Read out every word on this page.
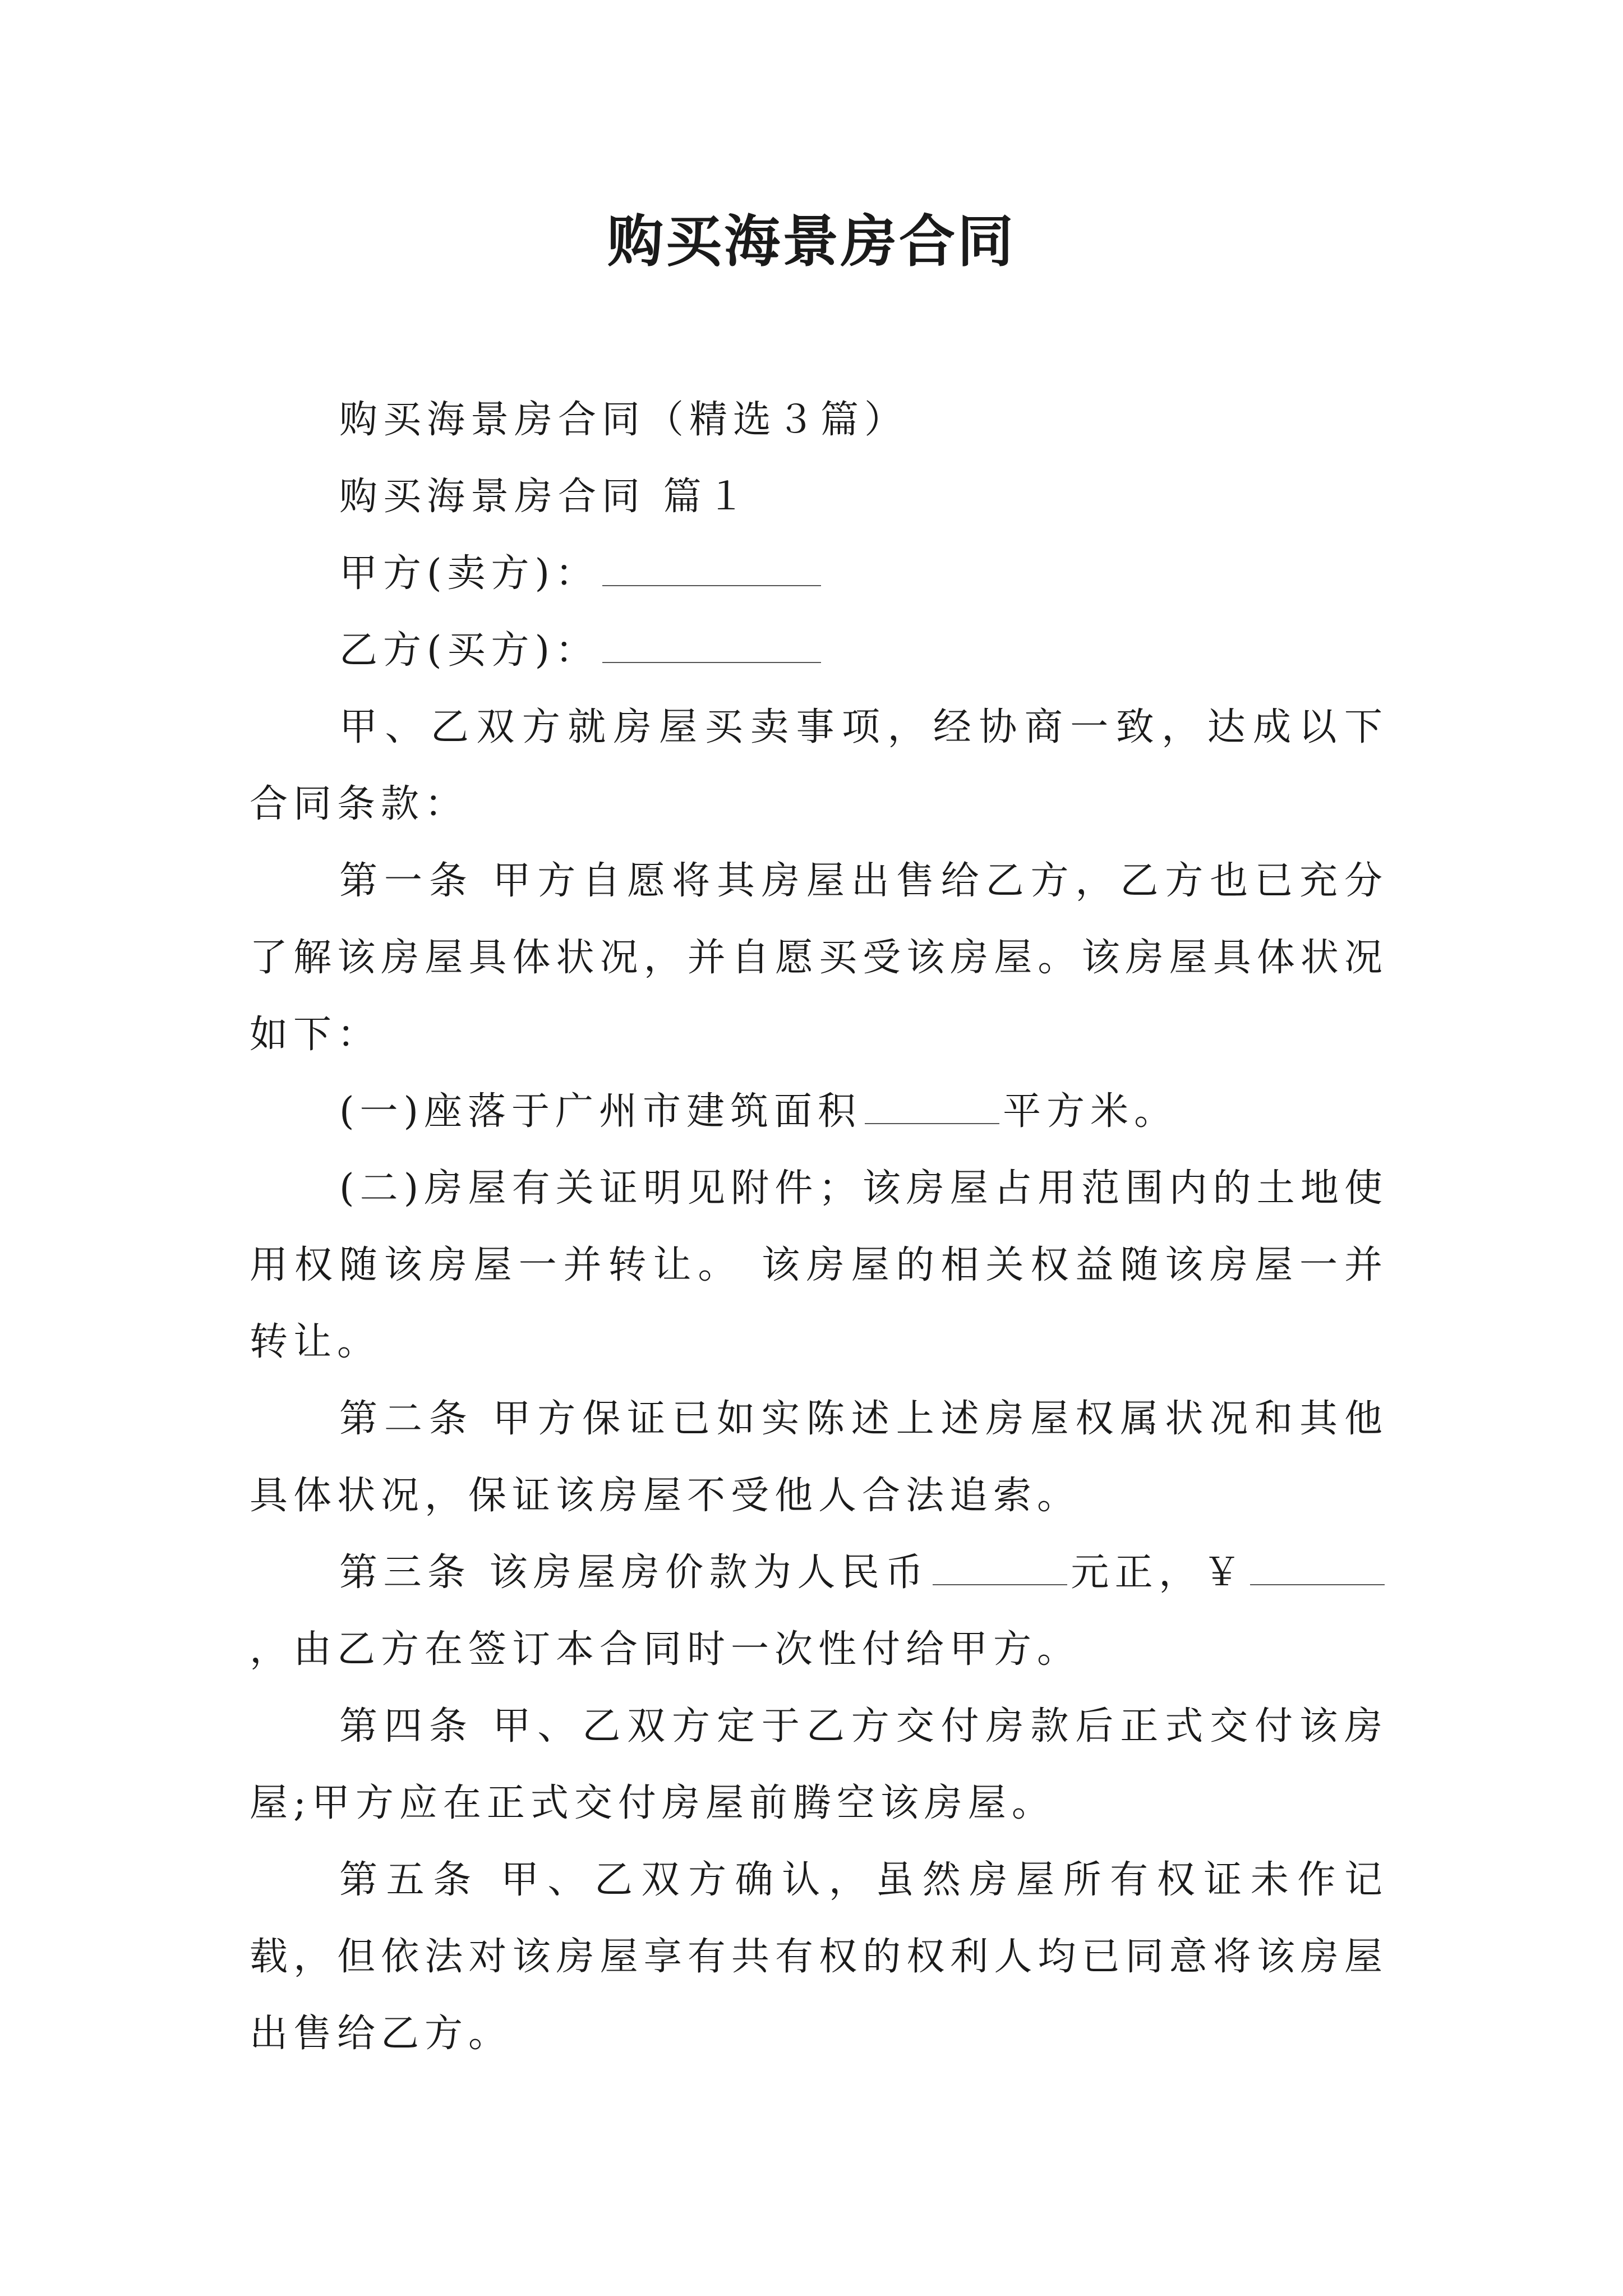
购买海景房合同

购买海景房合同（精选３篇）

购买海景房合同 篇１

甲方(卖方)：

乙方(买方)：

甲、乙双方就房屋买卖事项，经协商一致，达成以下合同条款：

第一条 甲方自愿将其房屋出售给乙方，乙方也已充分了解该房屋具体状况，并自愿买受该房屋。该房屋具体状况如下：

(一)座落于广州市建筑面积	平方米。

(二)房屋有关证明见附件；该房屋占用范围内的土地使用权随该房屋一并转让。 该房屋的相关权益随该房屋一并转让。

第二条 甲方保证已如实陈述上述房屋权属状况和其他具体状况，保证该房屋不受他人合法追索。

第三条 该房屋房价款为人民币	元正，￥，由乙方在签订本合同时一次性付给甲方。

第四条 甲、乙双方定于乙方交付房款后正式交付该房屋;甲方应在正式交付房屋前腾空该房屋。

第五条 甲、乙双方确认，虽然房屋所有权证未作记载，但依法对该房屋享有共有权的权利人均已同意将该房屋出售给乙方。
